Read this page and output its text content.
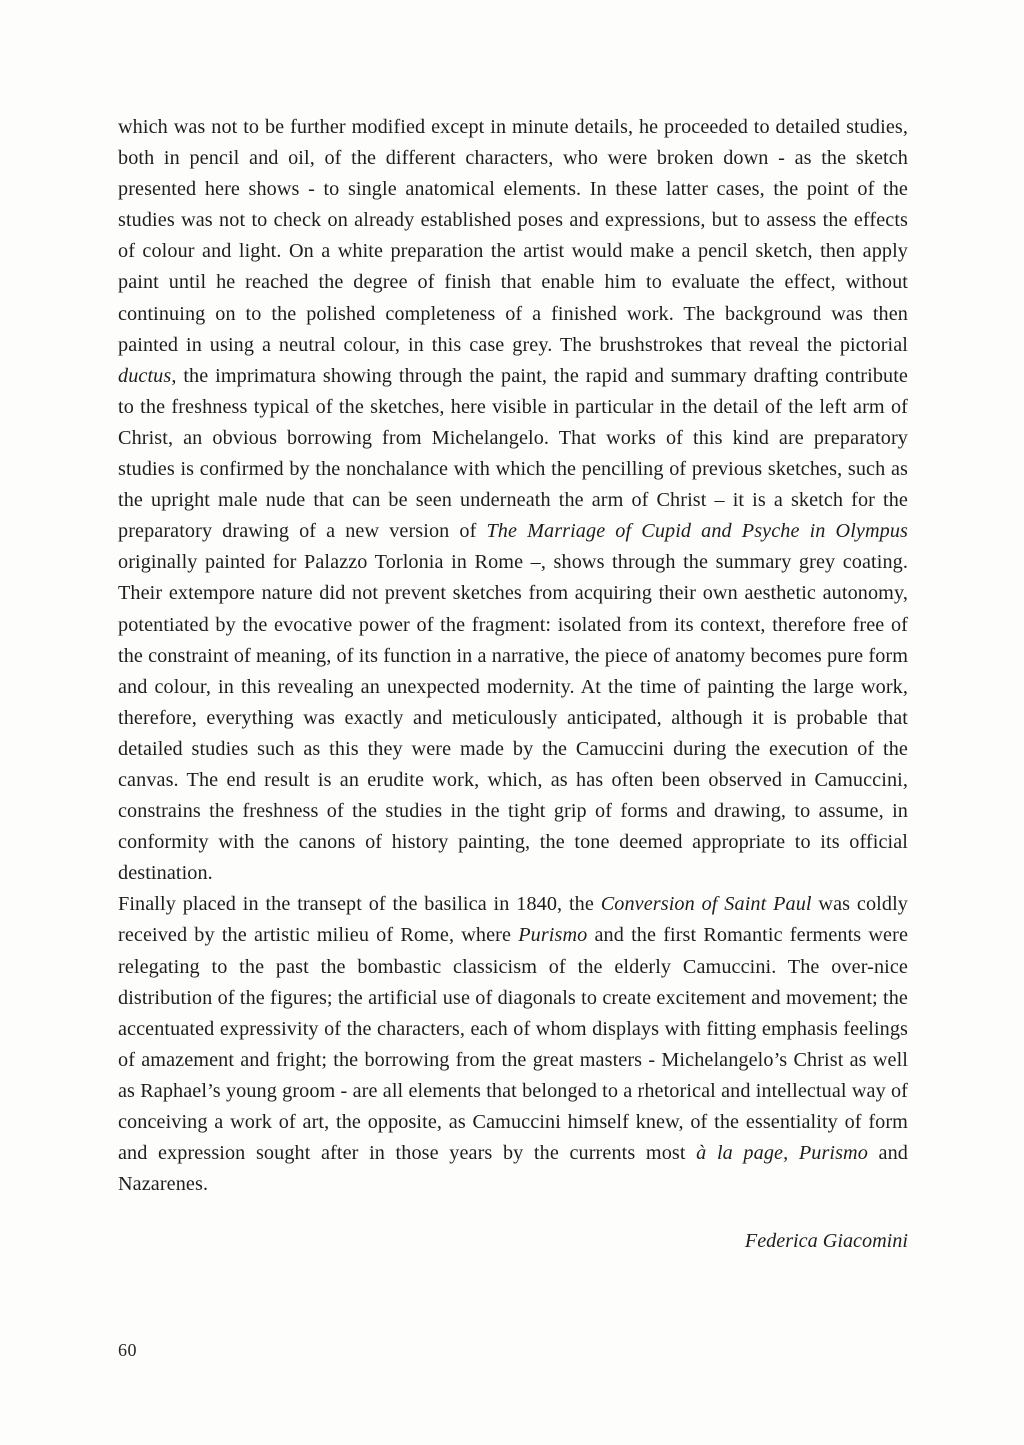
which was not to be further modified except in minute details, he proceeded to detailed studies, both in pencil and oil, of the different characters, who were broken down - as the sketch presented here shows - to single anatomical elements. In these latter cases, the point of the studies was not to check on already established poses and expressions, but to assess the effects of colour and light. On a white preparation the artist would make a pencil sketch, then apply paint until he reached the degree of finish that enable him to evaluate the effect, without continuing on to the polished completeness of a finished work. The background was then painted in using a neutral colour, in this case grey. The brushstrokes that reveal the pictorial ductus, the imprimatura showing through the paint, the rapid and summary drafting contribute to the freshness typical of the sketches, here visible in particular in the detail of the left arm of Christ, an obvious borrowing from Michelangelo. That works of this kind are preparatory studies is confirmed by the nonchalance with which the pencilling of previous sketches, such as the upright male nude that can be seen underneath the arm of Christ – it is a sketch for the preparatory drawing of a new version of The Marriage of Cupid and Psyche in Olympus originally painted for Palazzo Torlonia in Rome –, shows through the summary grey coating. Their extempore nature did not prevent sketches from acquiring their own aesthetic autonomy, potentiated by the evocative power of the fragment: isolated from its context, therefore free of the constraint of meaning, of its function in a narrative, the piece of anatomy becomes pure form and colour, in this revealing an unexpected modernity. At the time of painting the large work, therefore, everything was exactly and meticulously anticipated, although it is probable that detailed studies such as this they were made by the Camuccini during the execution of the canvas. The end result is an erudite work, which, as has often been observed in Camuccini, constrains the freshness of the studies in the tight grip of forms and drawing, to assume, in conformity with the canons of history painting, the tone deemed appropriate to its official destination.

Finally placed in the transept of the basilica in 1840, the Conversion of Saint Paul was coldly received by the artistic milieu of Rome, where Purismo and the first Romantic ferments were relegating to the past the bombastic classicism of the elderly Camuccini. The over-nice distribution of the figures; the artificial use of diagonals to create excitement and movement; the accentuated expressivity of the characters, each of whom displays with fitting emphasis feelings of amazement and fright; the borrowing from the great masters - Michelangelo’s Christ as well as Raphael’s young groom - are all elements that belonged to a rhetorical and intellectual way of conceiving a work of art, the opposite, as Camuccini himself knew, of the essentiality of form and expression sought after in those years by the currents most à la page, Purismo and Nazarenes.

Federica Giacomini
60
